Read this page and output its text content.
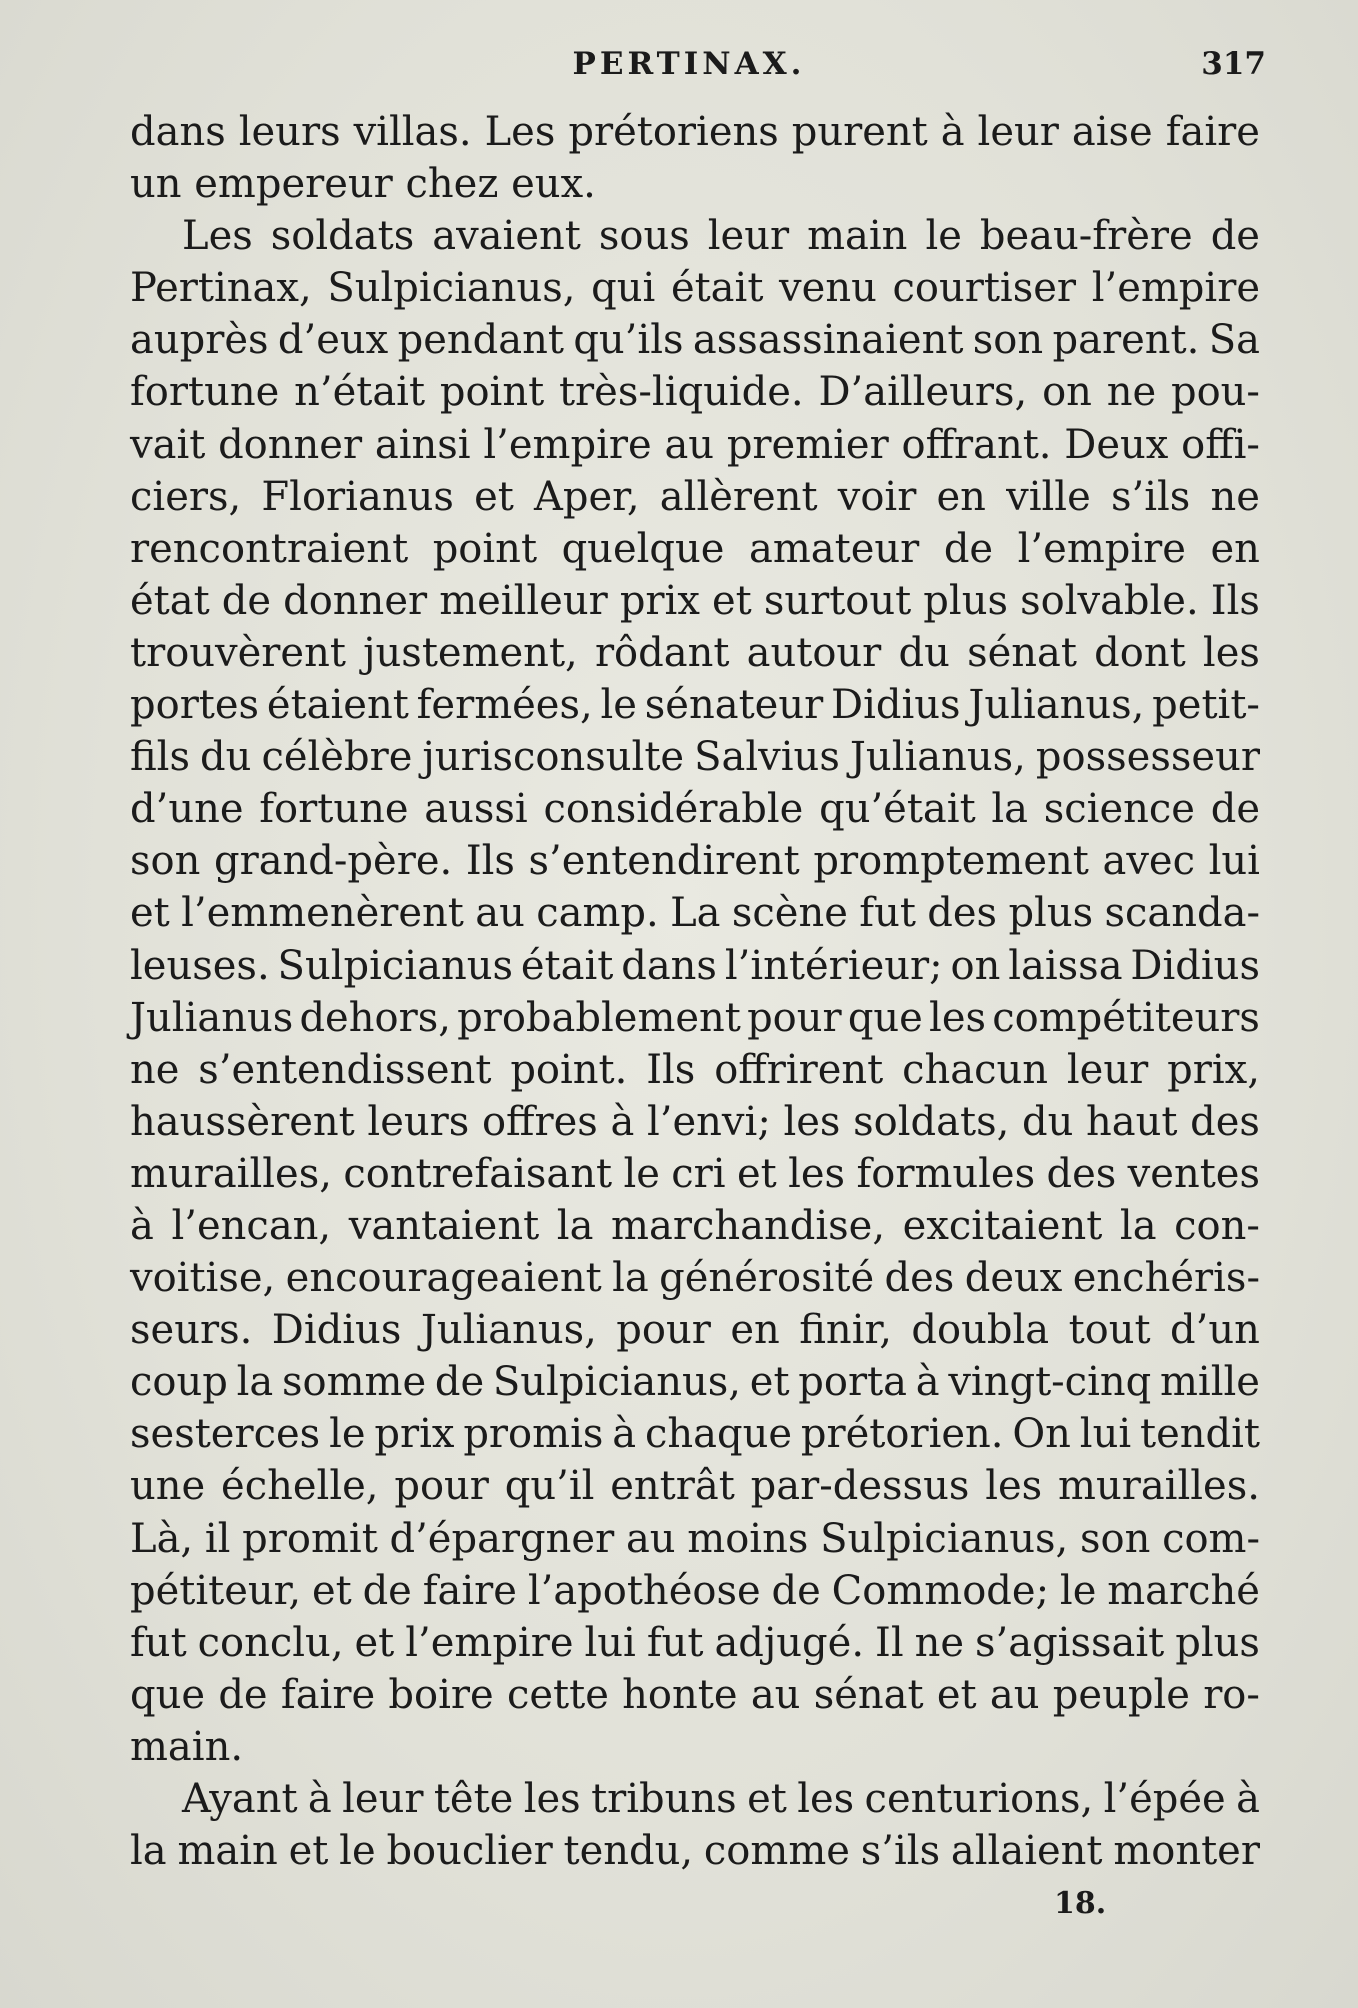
PERTINAX.	317
dans leurs villas. Les prétoriens purent à leur aise faire
un empereur chez eux.
Les soldats avaient sous leur main le beau-frère de
Pertinax, Sulpicianus, qui était venu courtiser l’empire
auprès d’eux pendant qu’ils assassinaient son parent. Sa
fortune n’était point très-liquide. D’ailleurs, on ne pou-
vait donner ainsi l’empire au premier offrant. Deux offi-
ciers, Florianus et Aper, allèrent voir en ville s’ils ne
rencontraient point quelque amateur de l’empire en
état de donner meilleur prix et surtout plus solvable. Ils
trouvèrent justement, rôdant autour du sénat dont les
portes étaient fermées, le sénateur Didius Julianus, petit-
fils du célèbre jurisconsulte Salvius Julianus, possesseur
d’une fortune aussi considérable qu’était la science de
son grand-père. Ils s’entendirent promptement avec lui
et l’emmenèrent au camp. La scène fut des plus scanda-
leuses. Sulpicianus était dans l’intérieur; on laissa Didius
Julianus dehors, probablement pour que les compétiteurs
ne s’entendissent point. Ils offrirent chacun leur prix,
haussèrent leurs offres à l’envi; les soldats, du haut des
murailles, contrefaisant le cri et les formules des ventes
à l’encan, vantaient la marchandise, excitaient la con-
voitise, encourageaient la générosité des deux enchéris-
seurs. Didius Julianus, pour en finir, doubla tout d’un
coup la somme de Sulpicianus, et porta à vingt-cinq mille
sesterces le prix promis à chaque prétorien. On lui tendit
une échelle, pour qu’il entrât par-dessus les murailles.
Là, il promit d’épargner au moins Sulpicianus, son com-
pétiteur, et de faire l’apothéose de Commode; le marché
fut conclu, et l’empire lui fut adjugé. Il ne s’agissait plus
que de faire boire cette honte au sénat et au peuple ro-
main.
Ayant à leur tête les tribuns et les centurions, l’épée à
la main et le bouclier tendu, comme s’ils allaient monter
18.
